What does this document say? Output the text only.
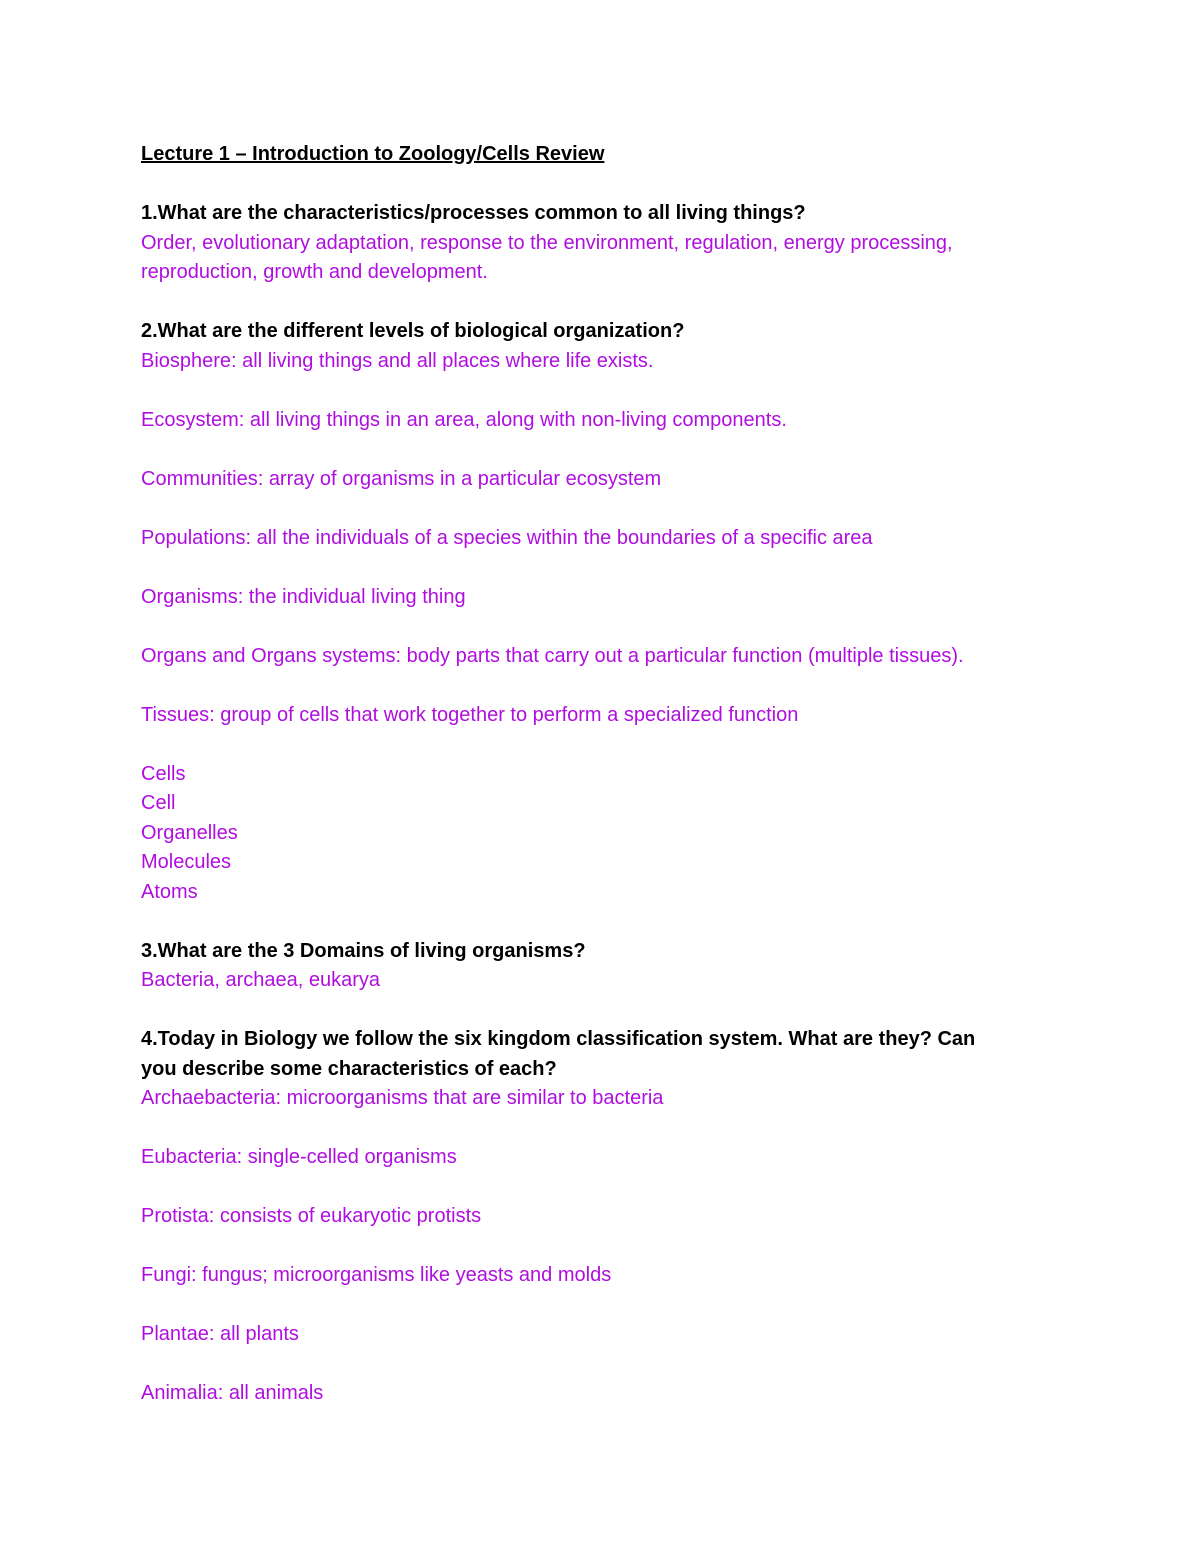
Lecture 1 – Introduction to Zoology/Cells Review

1.What are the characteristics/processes common to all living things?

Order, evolutionary adaptation, response to the environment, regulation, energy processing,

reproduction, growth and development.

2.What are the different levels of biological organization?

Biosphere: all living things and all places where life exists.

Ecosystem: all living things in an area, along with non-living components.

Communities: array of organisms in a particular ecosystem

Populations: all the individuals of a species within the boundaries of a specific area

Organisms: the individual living thing

Organs and Organs systems: body parts that carry out a particular function (multiple tissues).

Tissues: group of cells that work together to perform a specialized function

Cells

Cell

Organelles

Molecules

Atoms

3.What are the 3 Domains of living organisms?

Bacteria, archaea, eukarya

4.Today in Biology we follow the six kingdom classification system. What are they? Can

you describe some characteristics of each?

Archaebacteria: microorganisms that are similar to bacteria

Eubacteria: single-celled organisms

Protista: consists of eukaryotic protists

Fungi: fungus; microorganisms like yeasts and molds

Plantae: all plants

Animalia: all animals
